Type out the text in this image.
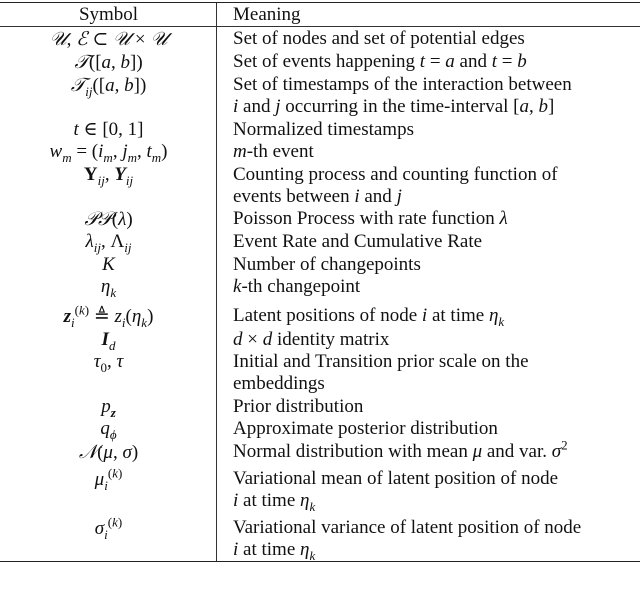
Symbol	Meaning
𝒰, ℰ ⊂ 𝒰 × 𝒰	Set of nodes and set of potential edges
𝒯([a, b])	Set of events happening t = a and t = b
𝒯$_{ij}$([a, b])	Set of timestamps of the interaction between
i and j occurring in the time-interval [a, b]
t ∈ [0, 1]	Normalized timestamps
$w_m = (i_m$, $j_m$, $t_m$)	m-th event
$Y_{ij}$, $Y_{ij}$	Counting process and counting function of
events between i and j
𝒫𝒫(λ)	Poisson Process with rate function λ
$\lambda_{ij}$, $\Lambda_{ij}$	Event Rate and Cumulative Rate
K	Number of changepoints
$\eta_k$	k-th changepoint
$z_i^{(k)}$ ≜ $z_i(\eta_k)$	Latent positions of node i at time $\eta_k$
$I_d$	d × d identity matrix
$\tau_0$, τ	Initial and Transition prior scale on the
embeddings
$p_z$	Prior distribution
$q_\phi$	Approximate posterior distribution
𝒩(μ, σ)	Normal distribution with mean μ and var. $\sigma^2$
$\mu_i^{(k)}$	Variational mean of latent position of node
i at time $\eta_k$
$\sigma_i^{(k)}$	Variational variance of latent position of node
i at time $\eta_k$
